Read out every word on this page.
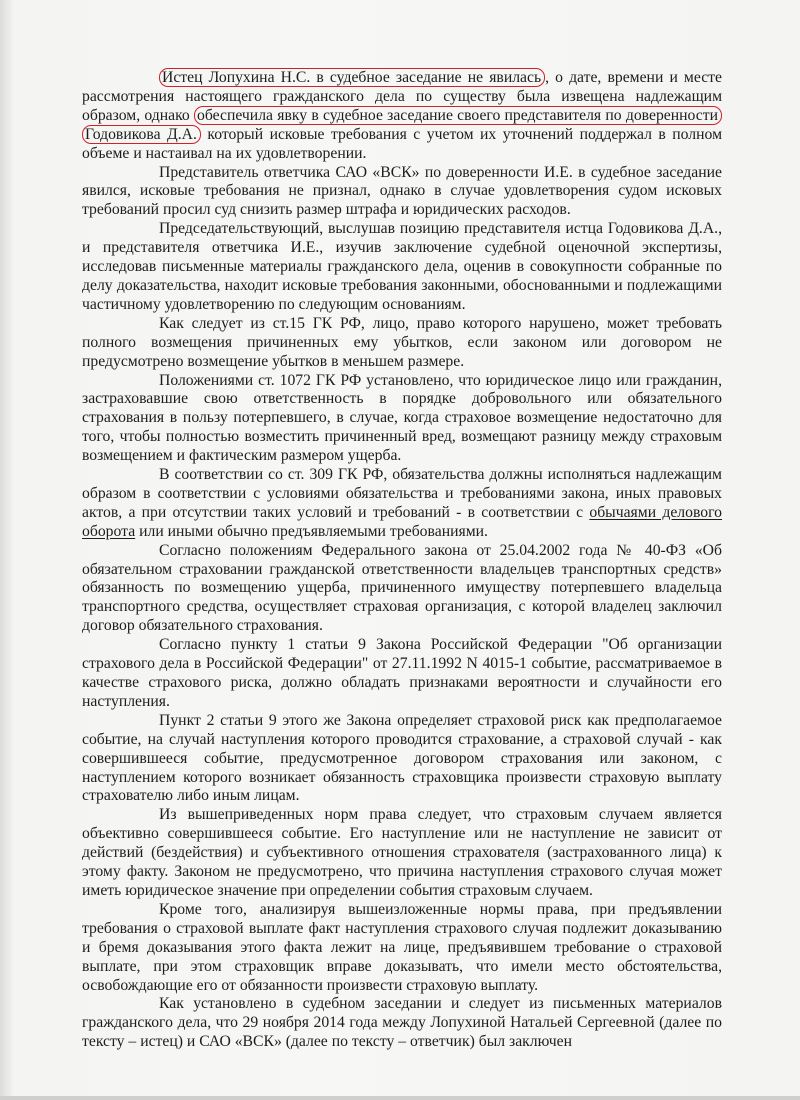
Истец Лопухина Н.С. в судебное заседание не явилась , о дате, времени и месте рассмотрения настоящего гражданского дела по существу была извещена надлежащим образом, однако обеспечила явку в судебное заседание своего представителя по доверенности Годовикова Д.А. который исковые требования с учетом их уточнений поддержал в полном объеме и настаивал на их удовлетворении.

Представитель ответчика САО «ВСК» по доверенности И.Е. в судебное заседание явился, исковые требования не признал, однако в случае удовлетворения судом исковых требований просил суд снизить размер штрафа и юридических расходов.

Председательствующий, выслушав позицию представителя истца Годовикова Д.А., и представителя ответчика И.Е., изучив заключение судебной оценочной экспертизы, исследовав письменные материалы гражданского дела, оценив в совокупности собранные по делу доказательства, находит исковые требования законными, обоснованными и подлежащими частичному удовлетворению по следующим основаниям.

Как следует из ст.15 ГК РФ, лицо, право которого нарушено, может требовать полного возмещения причиненных ему убытков, если законом или договором не предусмотрено возмещение убытков в меньшем размере.

Положениями ст. 1072 ГК РФ установлено, что юридическое лицо или гражданин, застраховавшие свою ответственность в порядке добровольного или обязательного страхования в пользу потерпевшего, в случае, когда страховое возмещение недостаточно для того, чтобы полностью возместить причиненный вред, возмещают разницу между страховым возмещением и фактическим размером ущерба.

В соответствии со ст. 309 ГК РФ, обязательства должны исполняться надлежащим образом в соответствии с условиями обязательства и требованиями закона, иных правовых актов, а при отсутствии таких условий и требований - в соответствии с обычаями делового оборота или иными обычно предъявляемыми требованиями.

Согласно положениям Федерального закона от 25.04.2002 года № 40-ФЗ «Об обязательном страховании гражданской ответственности владельцев транспортных средств» обязанность по возмещению ущерба, причиненного имуществу потерпевшего владельца транспортного средства, осуществляет страховая организация, с которой владелец заключил договор обязательного страхования.

Согласно пункту 1 статьи 9 Закона Российской Федерации "Об организации страхового дела в Российской Федерации" от 27.11.1992 N 4015-1 событие, рассматриваемое в качестве страхового риска, должно обладать признаками вероятности и случайности его наступления.

Пункт 2 статьи 9 этого же Закона определяет страховой риск как предполагаемое событие, на случай наступления которого проводится страхование, а страховой случай - как совершившееся событие, предусмотренное договором страхования или законом, с наступлением которого возникает обязанность страховщика произвести страховую выплату страхователю либо иным лицам.

Из вышеприведенных норм права следует, что страховым случаем является объективно совершившееся событие. Его наступление или не наступление не зависит от действий (бездействия) и субъективного отношения страхователя (застрахованного лица) к этому факту. Законом не предусмотрено, что причина наступления страхового случая может иметь юридическое значение при определении события страховым случаем.

Кроме того, анализируя вышеизложенные нормы права, при предъявлении требования о страховой выплате факт наступления страхового случая подлежит доказыванию и бремя доказывания этого факта лежит на лице, предъявившем требование о страховой выплате, при этом страховщик вправе доказывать, что имели место обстоятельства, освобождающие его от обязанности произвести страховую выплату.

Как установлено в судебном заседании и следует из письменных материалов гражданского дела, что 29 ноября 2014 года между Лопухиной Натальей Сергеевной (далее по тексту – истец) и САО «ВСК» (далее по тексту – ответчик) был заключен
